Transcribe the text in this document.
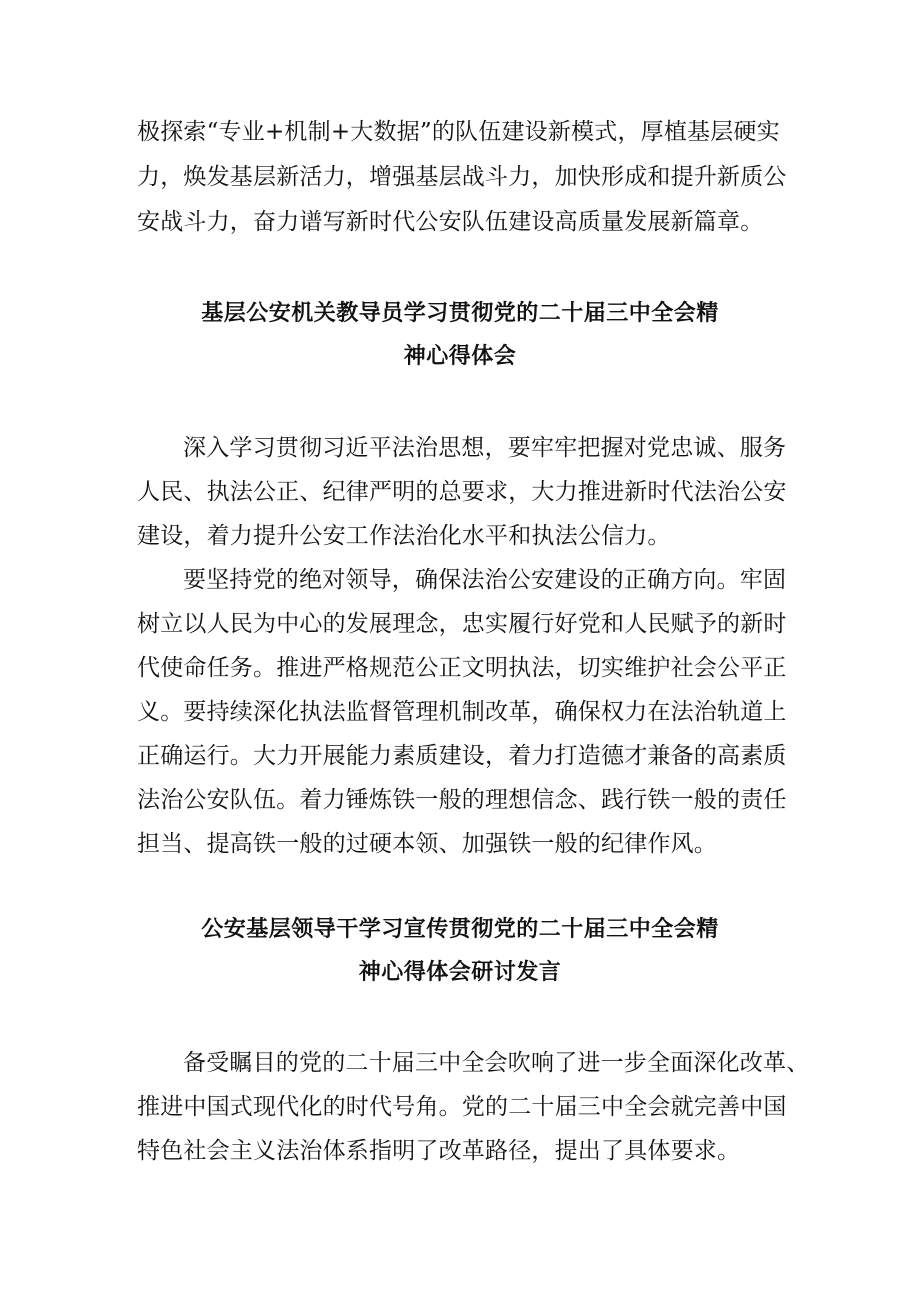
极探索“专业+机制+大数据”的队伍建设新模式，厚植基层硬实
力，焕发基层新活力，增强基层战斗力，加快形成和提升新质公
安战斗力，奋力谱写新时代公安队伍建设高质量发展新篇章。
基层公安机关教导员学习贯彻党的二十届三中全会精
神心得体会
深入学习贯彻习近平法治思想，要牢牢把握对党忠诚、服务
人民、执法公正、纪律严明的总要求，大力推进新时代法治公安
建设，着力提升公安工作法治化水平和执法公信力。
要坚持党的绝对领导，确保法治公安建设的正确方向。牢固
树立以人民为中心的发展理念，忠实履行好党和人民赋予的新时
代使命任务。推进严格规范公正文明执法，切实维护社会公平正
义。要持续深化执法监督管理机制改革，确保权力在法治轨道上
正确运行。大力开展能力素质建设，着力打造德才兼备的高素质
法治公安队伍。着力锤炼铁一般的理想信念、践行铁一般的责任
担当、提高铁一般的过硬本领、加强铁一般的纪律作风。
公安基层领导干学习宣传贯彻党的二十届三中全会精
神心得体会研讨发言
备受瞩目的党的二十届三中全会吹响了进一步全面深化改革、
推进中国式现代化的时代号角。党的二十届三中全会就完善中国
特色社会主义法治体系指明了改革路径，提出了具体要求。
